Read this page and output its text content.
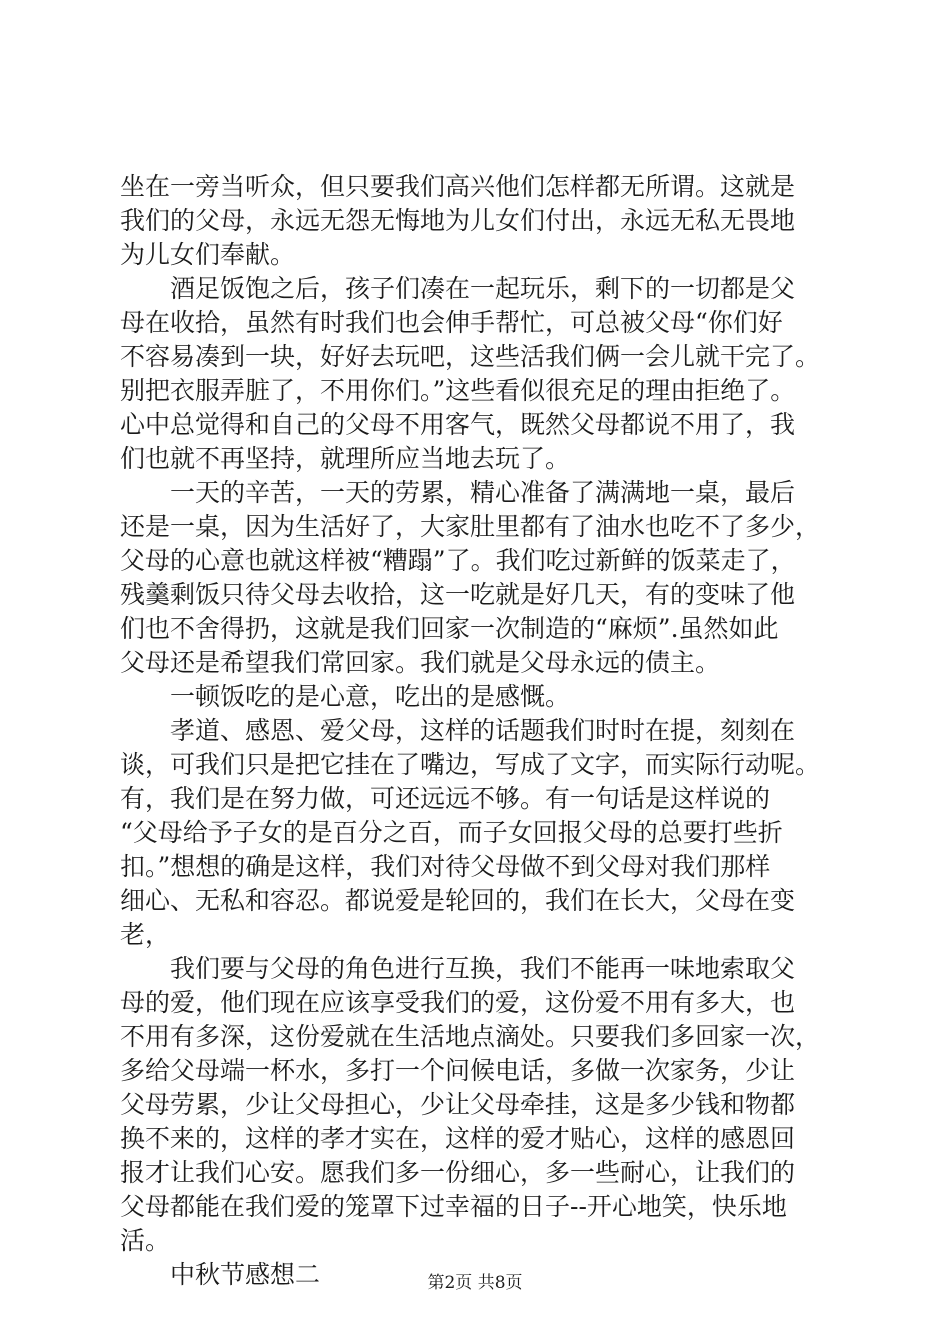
坐在一旁当听众，但只要我们高兴他们怎样都无所谓。这就是
我们的父母，永远无怨无悔地为儿女们付出，永远无私无畏地
为儿女们奉献。
酒足饭饱之后，孩子们凑在一起玩乐，剩下的一切都是父
母在收拾，虽然有时我们也会伸手帮忙，可总被父母“你们好
不容易凑到一块，好好去玩吧，这些活我们俩一会儿就干完了。
别把衣服弄脏了，不用你们。”这些看似很充足的理由拒绝了。
心中总觉得和自己的父母不用客气，既然父母都说不用了，我
们也就不再坚持，就理所应当地去玩了。
一天的辛苦，一天的劳累，精心准备了满满地一桌，最后
还是一桌，因为生活好了，大家肚里都有了油水也吃不了多少，
父母的心意也就这样被“糟蹋”了。我们吃过新鲜的饭菜走了，
残羹剩饭只待父母去收拾，这一吃就是好几天，有的变味了他
们也不舍得扔，这就是我们回家一次制造的“麻烦”.虽然如此
父母还是希望我们常回家。我们就是父母永远的债主。
一顿饭吃的是心意，吃出的是感慨。
孝道、感恩、爱父母，这样的话题我们时时在提，刻刻在
谈，可我们只是把它挂在了嘴边，写成了文字，而实际行动呢。
有，我们是在努力做，可还远远不够。有一句话是这样说的
“父母给予子女的是百分之百，而子女回报父母的总要打些折
扣。”想想的确是这样，我们对待父母做不到父母对我们那样
细心、无私和容忍。都说爱是轮回的，我们在长大，父母在变
老，
我们要与父母的角色进行互换，我们不能再一味地索取父
母的爱，他们现在应该享受我们的爱，这份爱不用有多大，也
不用有多深，这份爱就在生活地点滴处。只要我们多回家一次，
多给父母端一杯水，多打一个问候电话，多做一次家务，少让
父母劳累，少让父母担心，少让父母牵挂，这是多少钱和物都
换不来的，这样的孝才实在，这样的爱才贴心，这样的感恩回
报才让我们心安。愿我们多一份细心，多一些耐心，让我们的
父母都能在我们爱的笼罩下过幸福的日子--开心地笑，快乐地
活。
中秋节感想二	第2页 共8页
